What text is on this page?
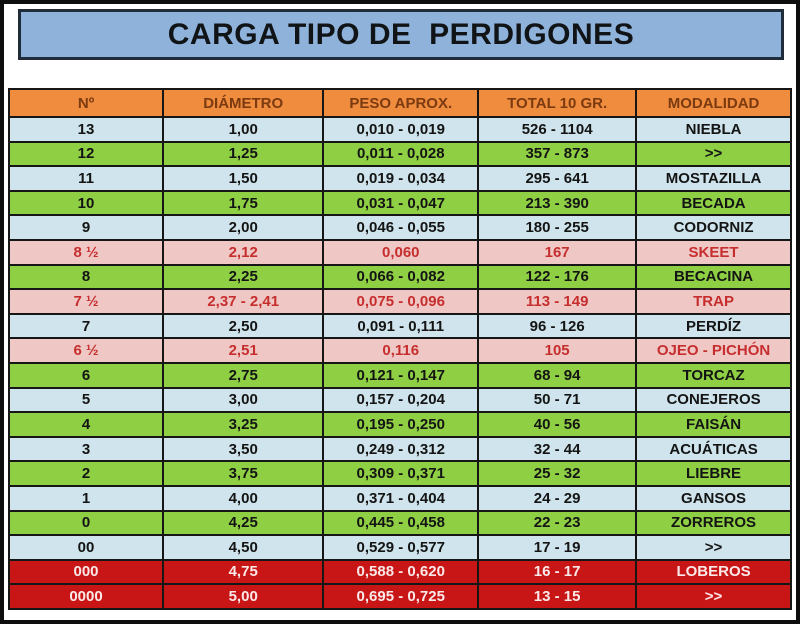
CARGA TIPO DE  PERDIGONES
Nº	DIÁMETRO	PESO APROX.	TOTAL 10 GR.	MODALIDAD
13	1,00	0,010 - 0,019	526 - 1104	NIEBLA
12	1,25	0,011 - 0,028	357 - 873	>>
11	1,50	0,019 - 0,034	295 - 641	MOSTAZILLA
10	1,75	0,031 - 0,047	213 - 390	BECADA
9	2,00	0,046 - 0,055	180 - 255	CODORNIZ
8 ½	2,12	0,060	167	SKEET
8	2,25	0,066 - 0,082	122 - 176	BECACINA
7 ½	2,37 - 2,41	0,075 - 0,096	113 - 149	TRAP
7	2,50	0,091 - 0,111	96 - 126	PERDÍZ
6 ½	2,51	0,116	105	OJEO - PICHÓN
6	2,75	0,121 - 0,147	68 - 94	TORCAZ
5	3,00	0,157 - 0,204	50 - 71	CONEJEROS
4	3,25	0,195 - 0,250	40 - 56	FAISÁN
3	3,50	0,249 - 0,312	32 - 44	ACUÁTICAS
2	3,75	0,309 - 0,371	25 - 32	LIEBRE
1	4,00	0,371 - 0,404	24 - 29	GANSOS
0	4,25	0,445 - 0,458	22 - 23	ZORREROS
00	4,50	0,529 - 0,577	17 - 19	>>
000	4,75	0,588 - 0,620	16 - 17	LOBEROS
0000	5,00	0,695 - 0,725	13 - 15	>>
